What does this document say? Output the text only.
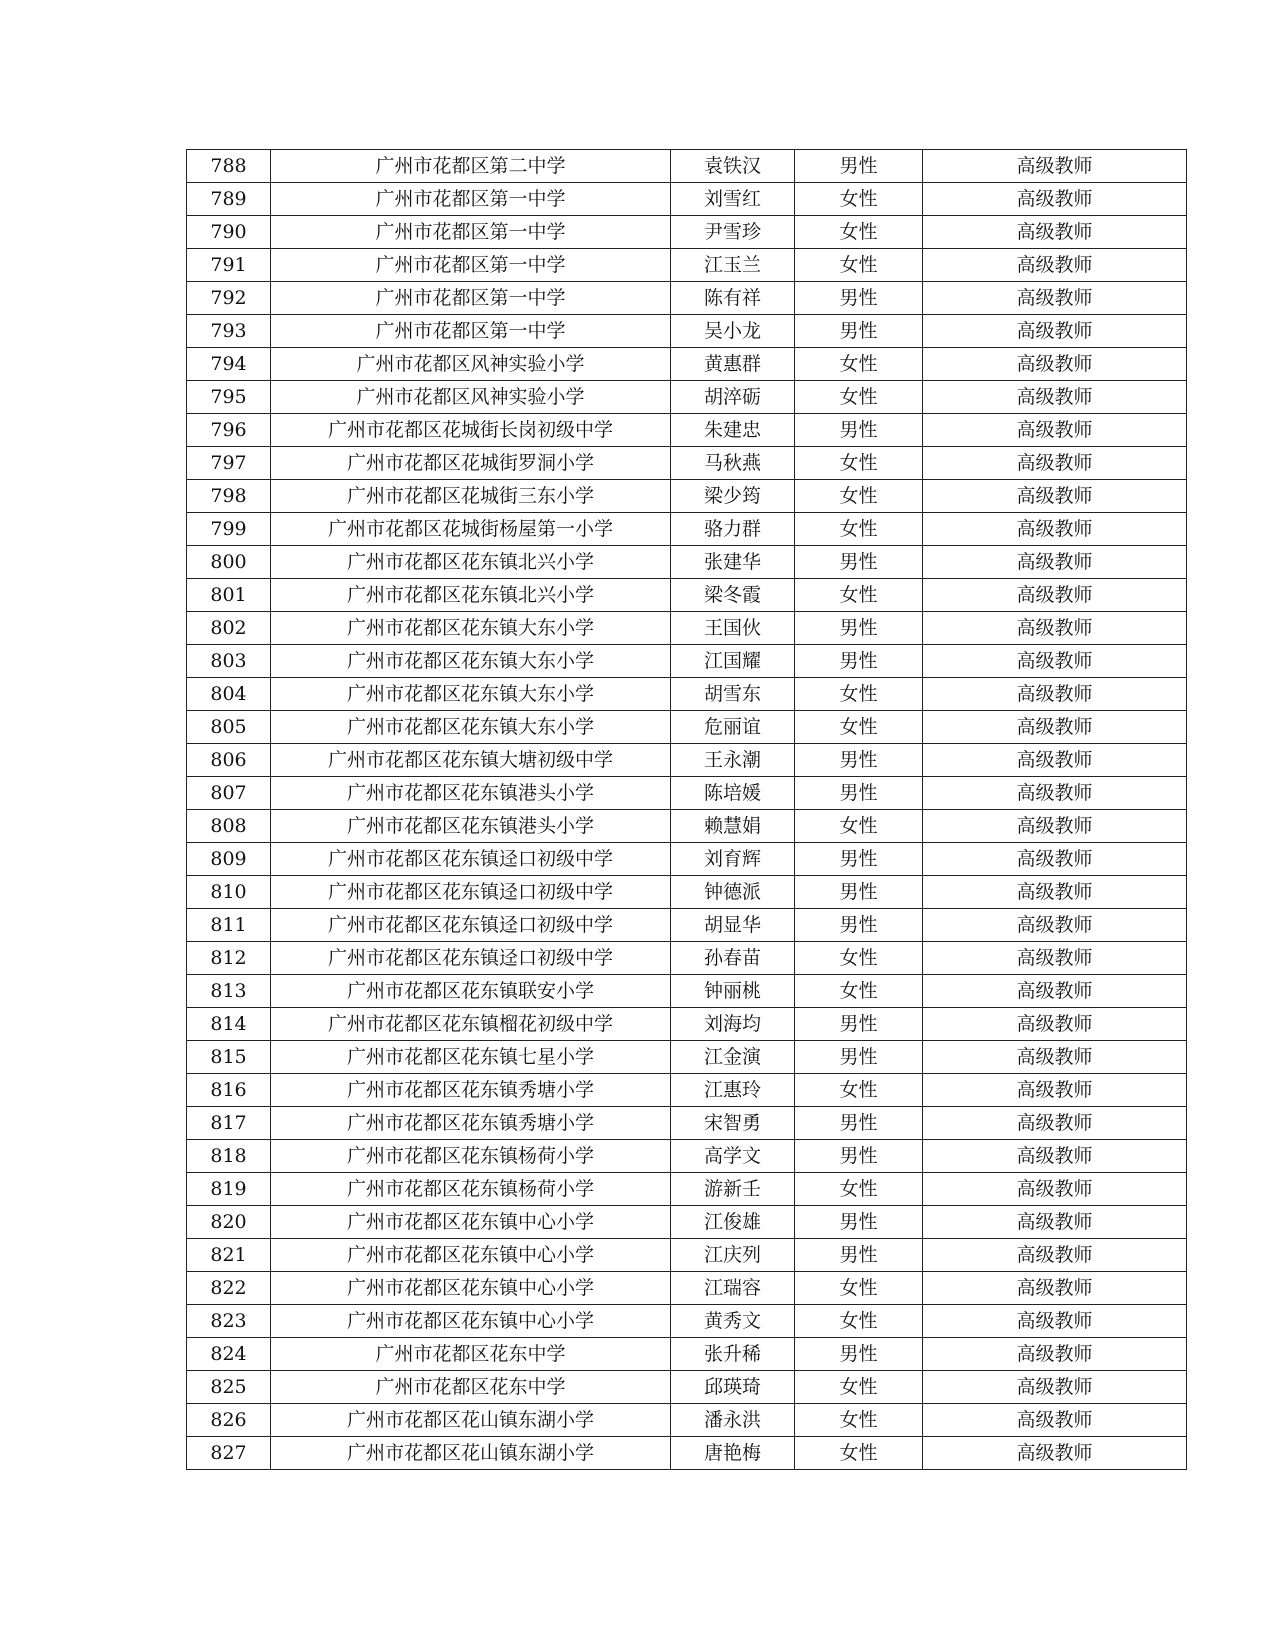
788	广州市花都区第二中学	袁铁汉	男性	高级教师
789	广州市花都区第一中学	刘雪红	女性	高级教师
790	广州市花都区第一中学	尹雪珍	女性	高级教师
791	广州市花都区第一中学	江玉兰	女性	高级教师
792	广州市花都区第一中学	陈有祥	男性	高级教师
793	广州市花都区第一中学	吴小龙	男性	高级教师
794	广州市花都区风神实验小学	黄惠群	女性	高级教师
795	广州市花都区风神实验小学	胡淬砺	女性	高级教师
796	广州市花都区花城街长岗初级中学	朱建忠	男性	高级教师
797	广州市花都区花城街罗洞小学	马秋燕	女性	高级教师
798	广州市花都区花城街三东小学	梁少筠	女性	高级教师
799	广州市花都区花城街杨屋第一小学	骆力群	女性	高级教师
800	广州市花都区花东镇北兴小学	张建华	男性	高级教师
801	广州市花都区花东镇北兴小学	梁冬霞	女性	高级教师
802	广州市花都区花东镇大东小学	王国伙	男性	高级教师
803	广州市花都区花东镇大东小学	江国耀	男性	高级教师
804	广州市花都区花东镇大东小学	胡雪东	女性	高级教师
805	广州市花都区花东镇大东小学	危丽谊	女性	高级教师
806	广州市花都区花东镇大塘初级中学	王永潮	男性	高级教师
807	广州市花都区花东镇港头小学	陈培媛	男性	高级教师
808	广州市花都区花东镇港头小学	赖慧娟	女性	高级教师
809	广州市花都区花东镇迳口初级中学	刘育辉	男性	高级教师
810	广州市花都区花东镇迳口初级中学	钟德派	男性	高级教师
811	广州市花都区花东镇迳口初级中学	胡显华	男性	高级教师
812	广州市花都区花东镇迳口初级中学	孙春苗	女性	高级教师
813	广州市花都区花东镇联安小学	钟丽桃	女性	高级教师
814	广州市花都区花东镇榴花初级中学	刘海均	男性	高级教师
815	广州市花都区花东镇七星小学	江金演	男性	高级教师
816	广州市花都区花东镇秀塘小学	江惠玲	女性	高级教师
817	广州市花都区花东镇秀塘小学	宋智勇	男性	高级教师
818	广州市花都区花东镇杨荷小学	高学文	男性	高级教师
819	广州市花都区花东镇杨荷小学	游新壬	女性	高级教师
820	广州市花都区花东镇中心小学	江俊雄	男性	高级教师
821	广州市花都区花东镇中心小学	江庆列	男性	高级教师
822	广州市花都区花东镇中心小学	江瑞容	女性	高级教师
823	广州市花都区花东镇中心小学	黄秀文	女性	高级教师
824	广州市花都区花东中学	张升稀	男性	高级教师
825	广州市花都区花东中学	邱瑛琦	女性	高级教师
826	广州市花都区花山镇东湖小学	潘永洪	女性	高级教师
827	广州市花都区花山镇东湖小学	唐艳梅	女性	高级教师
